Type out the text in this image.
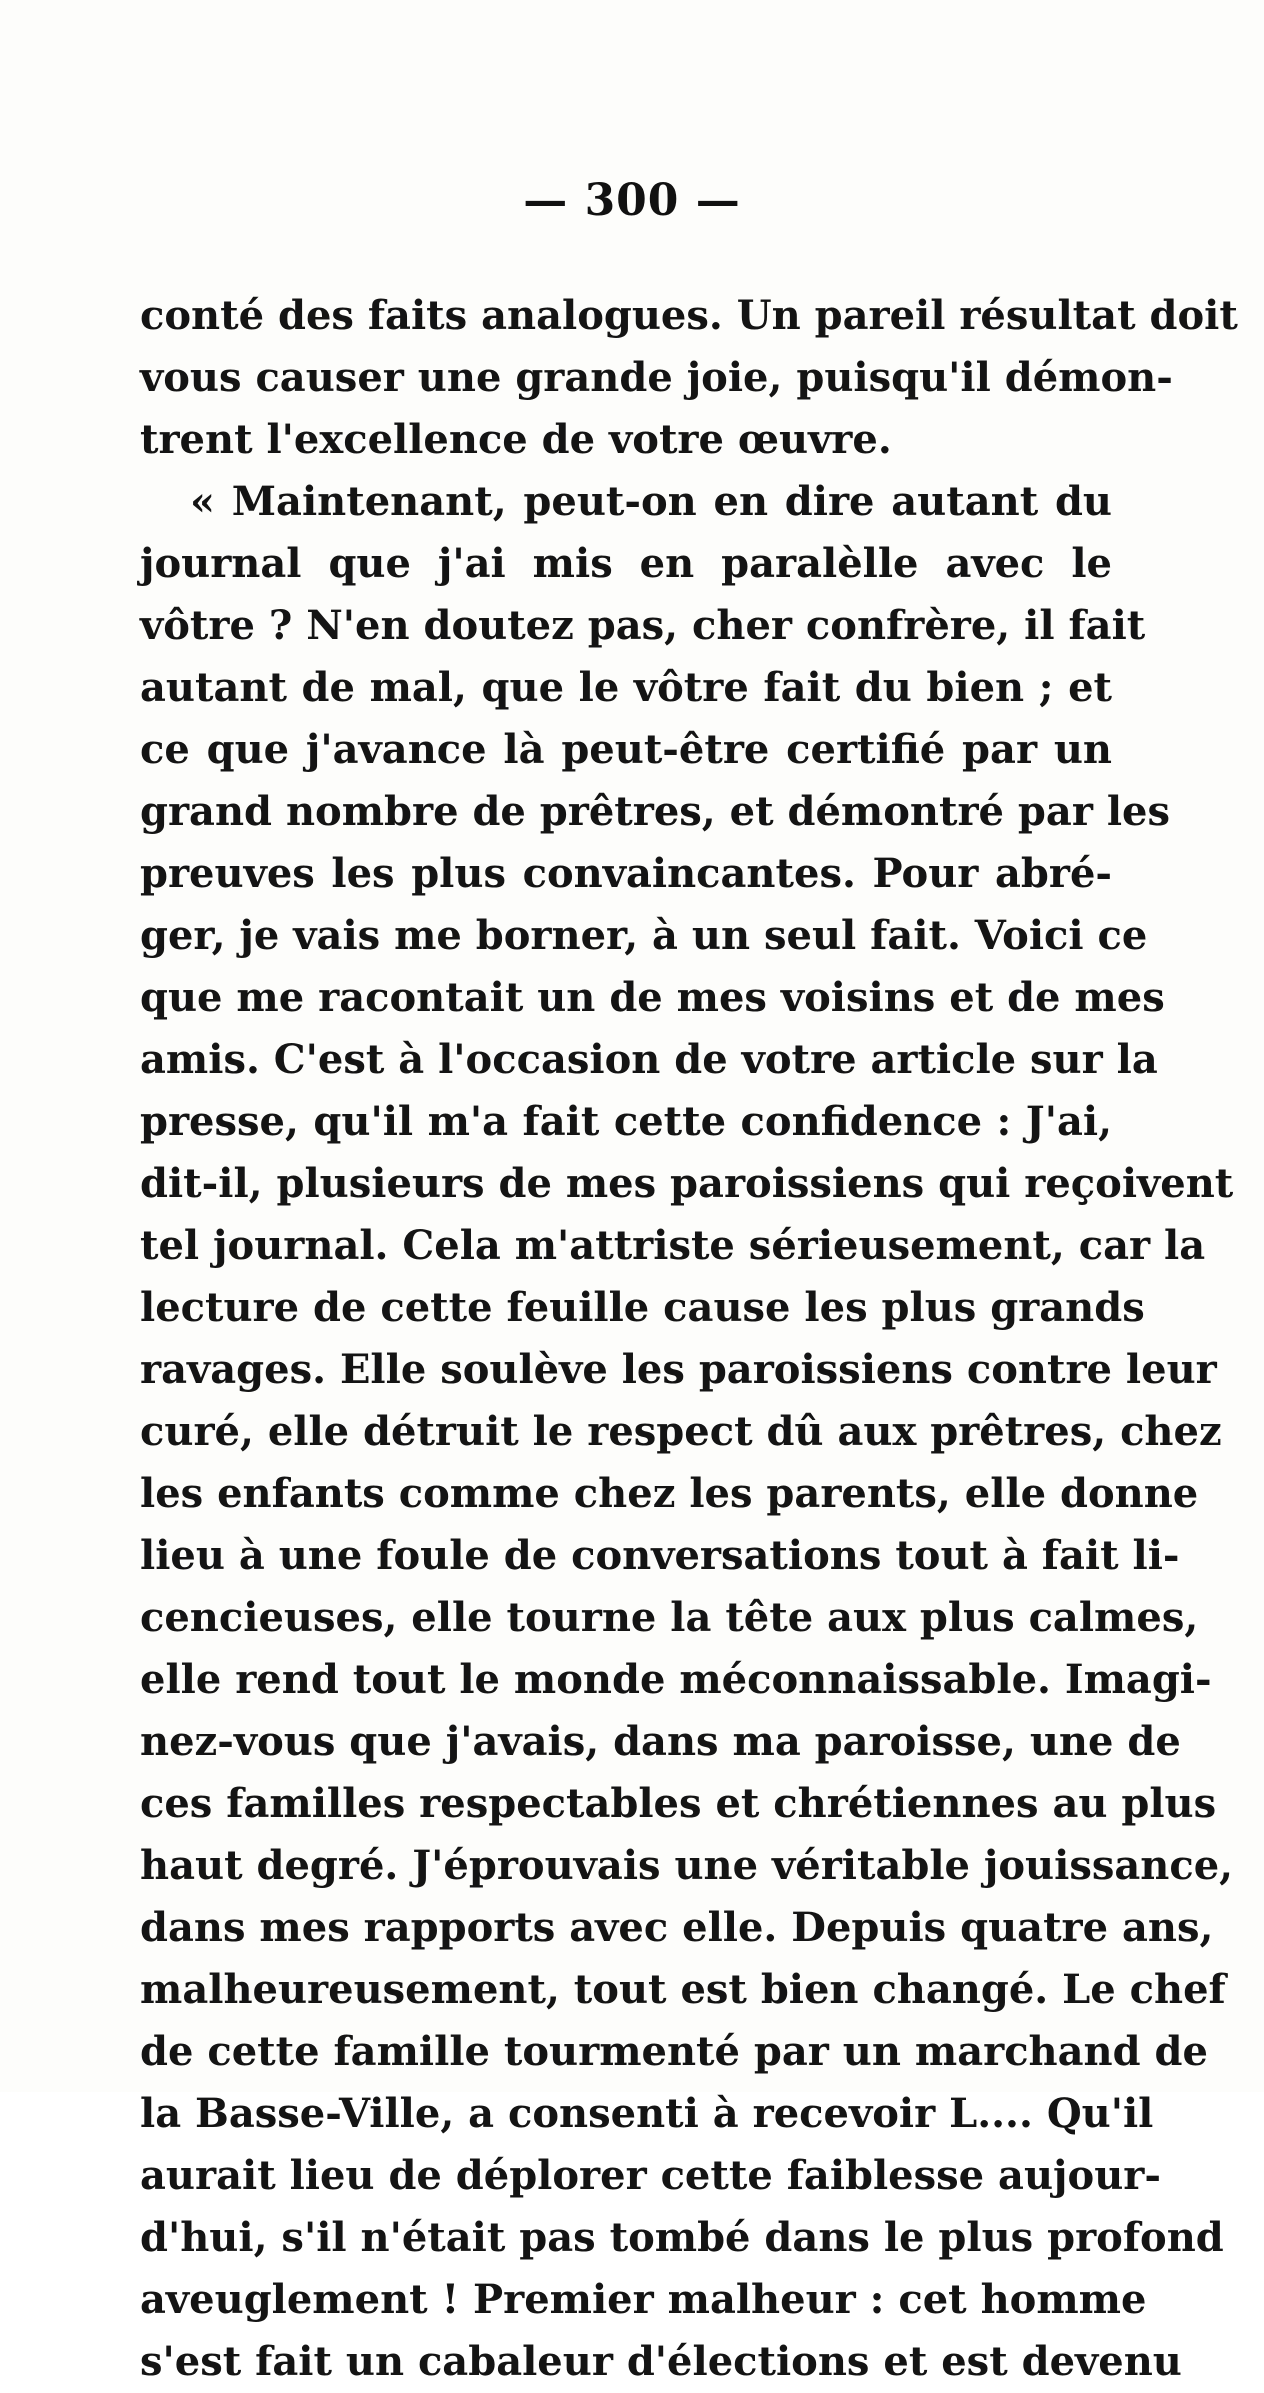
— 300 —
conté des faits analogues. Un pareil résultat doit
vous causer une grande joie, puisqu'il démon-
trent l'excellence de votre œuvre.
« Maintenant, peut-on en dire autant du
journal que j'ai mis en paralèlle avec le
vôtre ? N'en doutez pas, cher confrère, il fait
autant de mal, que le vôtre fait du bien ; et
ce que j'avance là peut-être certifié par un
grand nombre de prêtres, et démontré par les
preuves les plus convaincantes. Pour abré-
ger, je vais me borner, à un seul fait. Voici ce
que me racontait un de mes voisins et de mes
amis. C'est à l'occasion de votre article sur la
presse, qu'il m'a fait cette confidence : J'ai,
dit-il, plusieurs de mes paroissiens qui reçoivent
tel journal. Cela m'attriste sérieusement, car la
lecture de cette feuille cause les plus grands
ravages. Elle soulève les paroissiens contre leur
curé, elle détruit le respect dû aux prêtres, chez
les enfants comme chez les parents, elle donne
lieu à une foule de conversations tout à fait li-
cencieuses, elle tourne la tête aux plus calmes,
elle rend tout le monde méconnaissable. Imagi-
nez-vous que j'avais, dans ma paroisse, une de
ces familles respectables et chrétiennes au plus
haut degré. J'éprouvais une véritable jouissance,
dans mes rapports avec elle. Depuis quatre ans,
malheureusement, tout est bien changé. Le chef
de cette famille tourmenté par un marchand de
la Basse-Ville, a consenti à recevoir L.... Qu'il
aurait lieu de déplorer cette faiblesse aujour-
d'hui, s'il n'était pas tombé dans le plus profond
aveuglement ! Premier malheur : cet homme
s'est fait un cabaleur d'élections et est devenu
